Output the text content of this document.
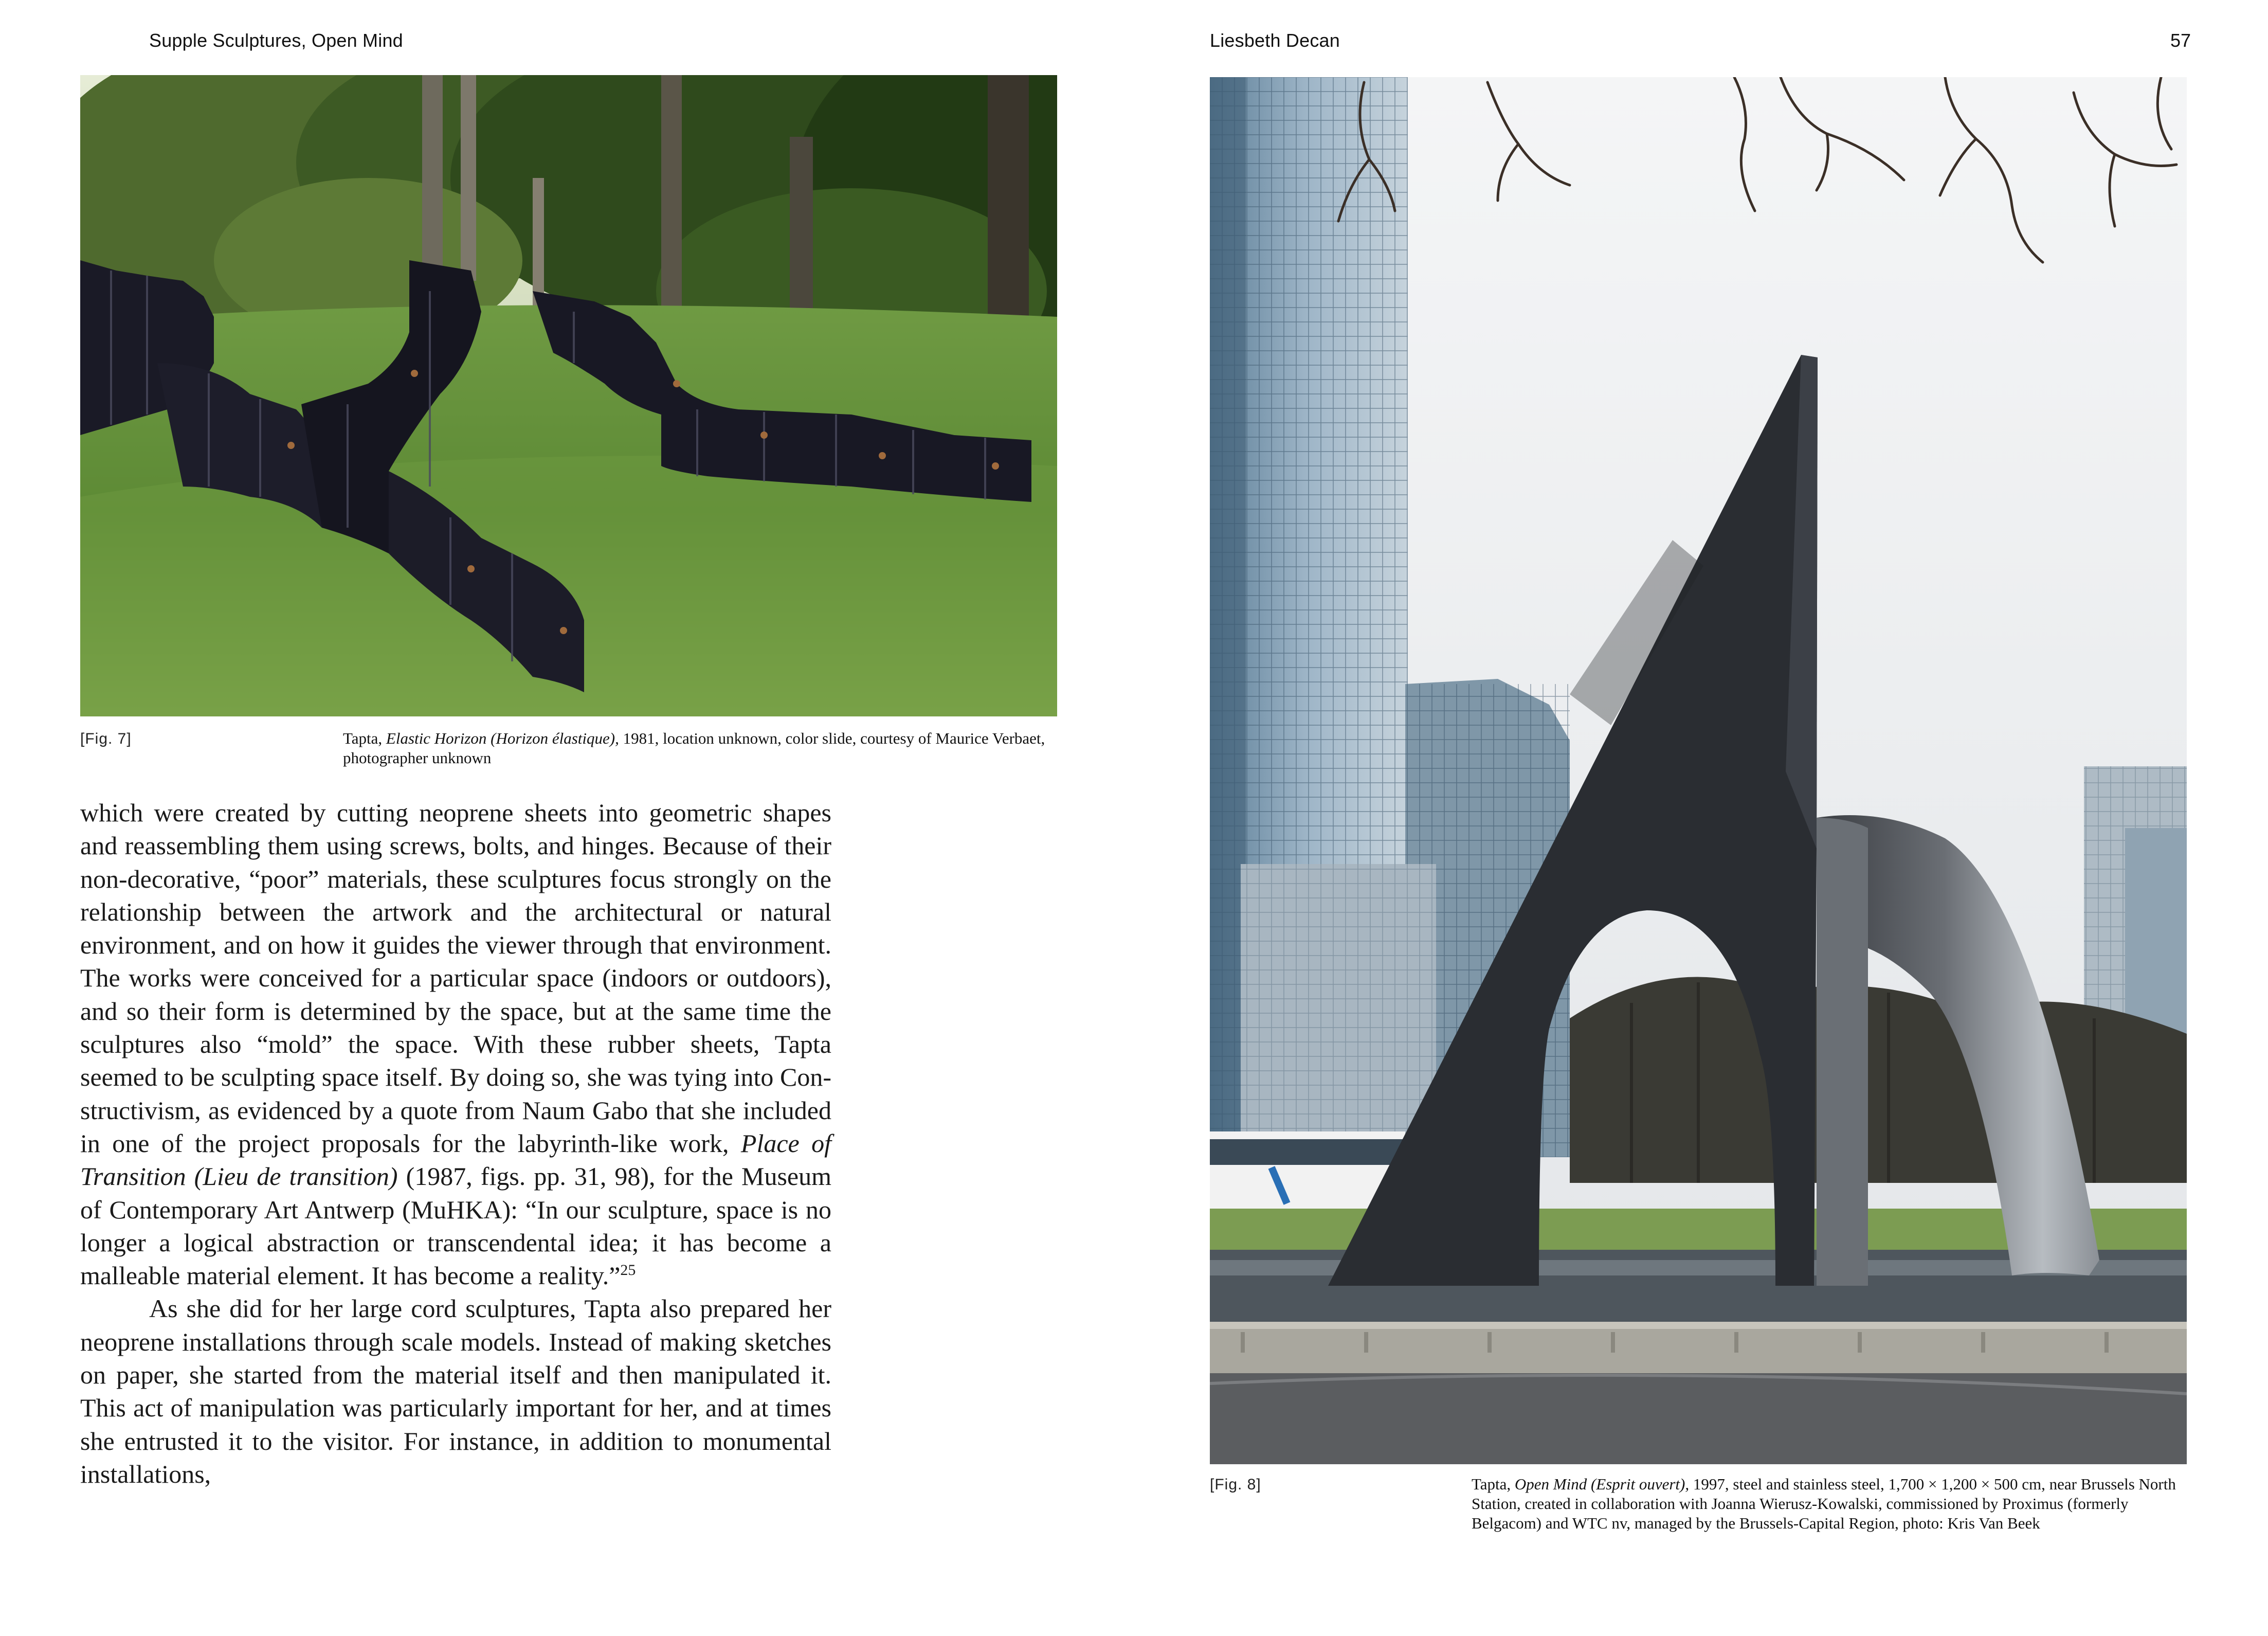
Supple Sculptures, Open Mind
[Fig. 7]	Tapta, Elastic Horizon (Horizon élastique), 1981, location unknown, color slide, courtesy of Maurice Verbaet, photographer unknown

which were created by cutting neoprene sheets into geometric shapes and reassembling them using screws, bolts, and hinges. Because of their non-decorative, “poor” materials, these sculptures focus strongly on the relationship between the artwork and the architectural or natural environment, and on how it guides the viewer through that environment. The works were conceived for a particular space (indoors or outdoors), and so their form is determined by the space, but at the same time the sculptures also “mold” the space. With these rubber sheets, Tapta seemed to be sculpting space itself. By doing so, she was tying into Constructivism, as evidenced by a quote from Naum Gabo that she included in one of the project proposals for the labyrinth-like work, Place of Transition (Lieu de transition) (1987, figs. pp. 31, 98), for the Museum of Contemporary Art Antwerp (MuHKA): “In our sculpture, space is no longer a logical abstraction or transcendental idea; it has become a malleable material element. It has become a reality.”$^{25}$

As she did for her large cord sculptures, Tapta also prepared her neoprene installations through scale models. Instead of making sketches on paper, she started from the material itself and then manipulated it. This act of manipulation was particularly important for her, and at times she entrusted it to the visitor. For instance, in addition to monumental installations,

Liesbeth Decan	57
[Fig. 8]	Tapta, Open Mind (Esprit ouvert), 1997, steel and stainless steel, 1,700 × 1,200 × 500 cm, near Brussels North Station, created in collaboration with Joanna Wierusz-Kowalski, commissioned by Proximus (formerly Belgacom) and WTC nv, managed by the Brussels-Capital Region, photo: Kris Van Beek
